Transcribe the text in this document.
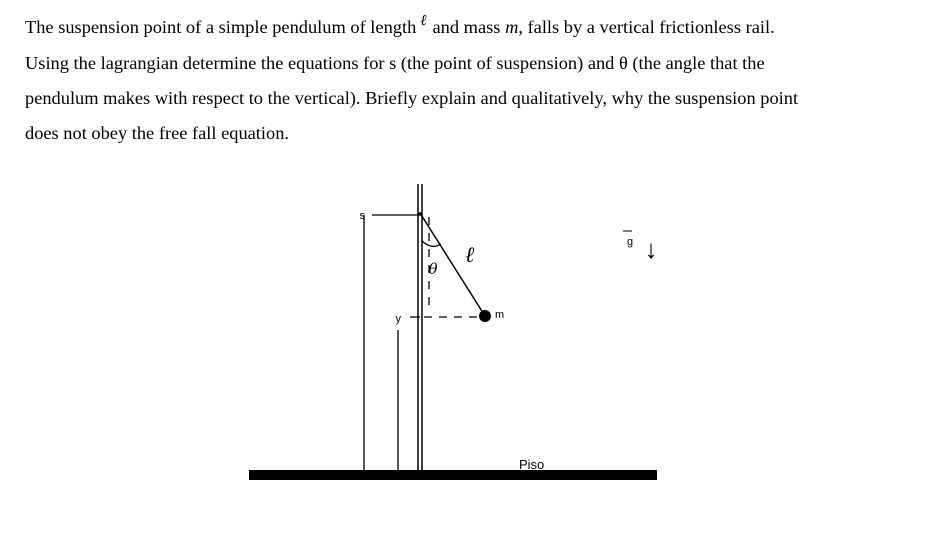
The suspension point of a simple pendulum of length $^\ell$ and mass m, falls by a vertical frictionless rail.
Using the lagrangian determine the equations for s (the point of suspension) and θ (the angle that the
pendulum makes with respect to the vertical). Briefly explain and qualitatively, why the suspension point
does not obey the free fall equation.
s
y	m
ℓ
θ
g ↓
Piso
